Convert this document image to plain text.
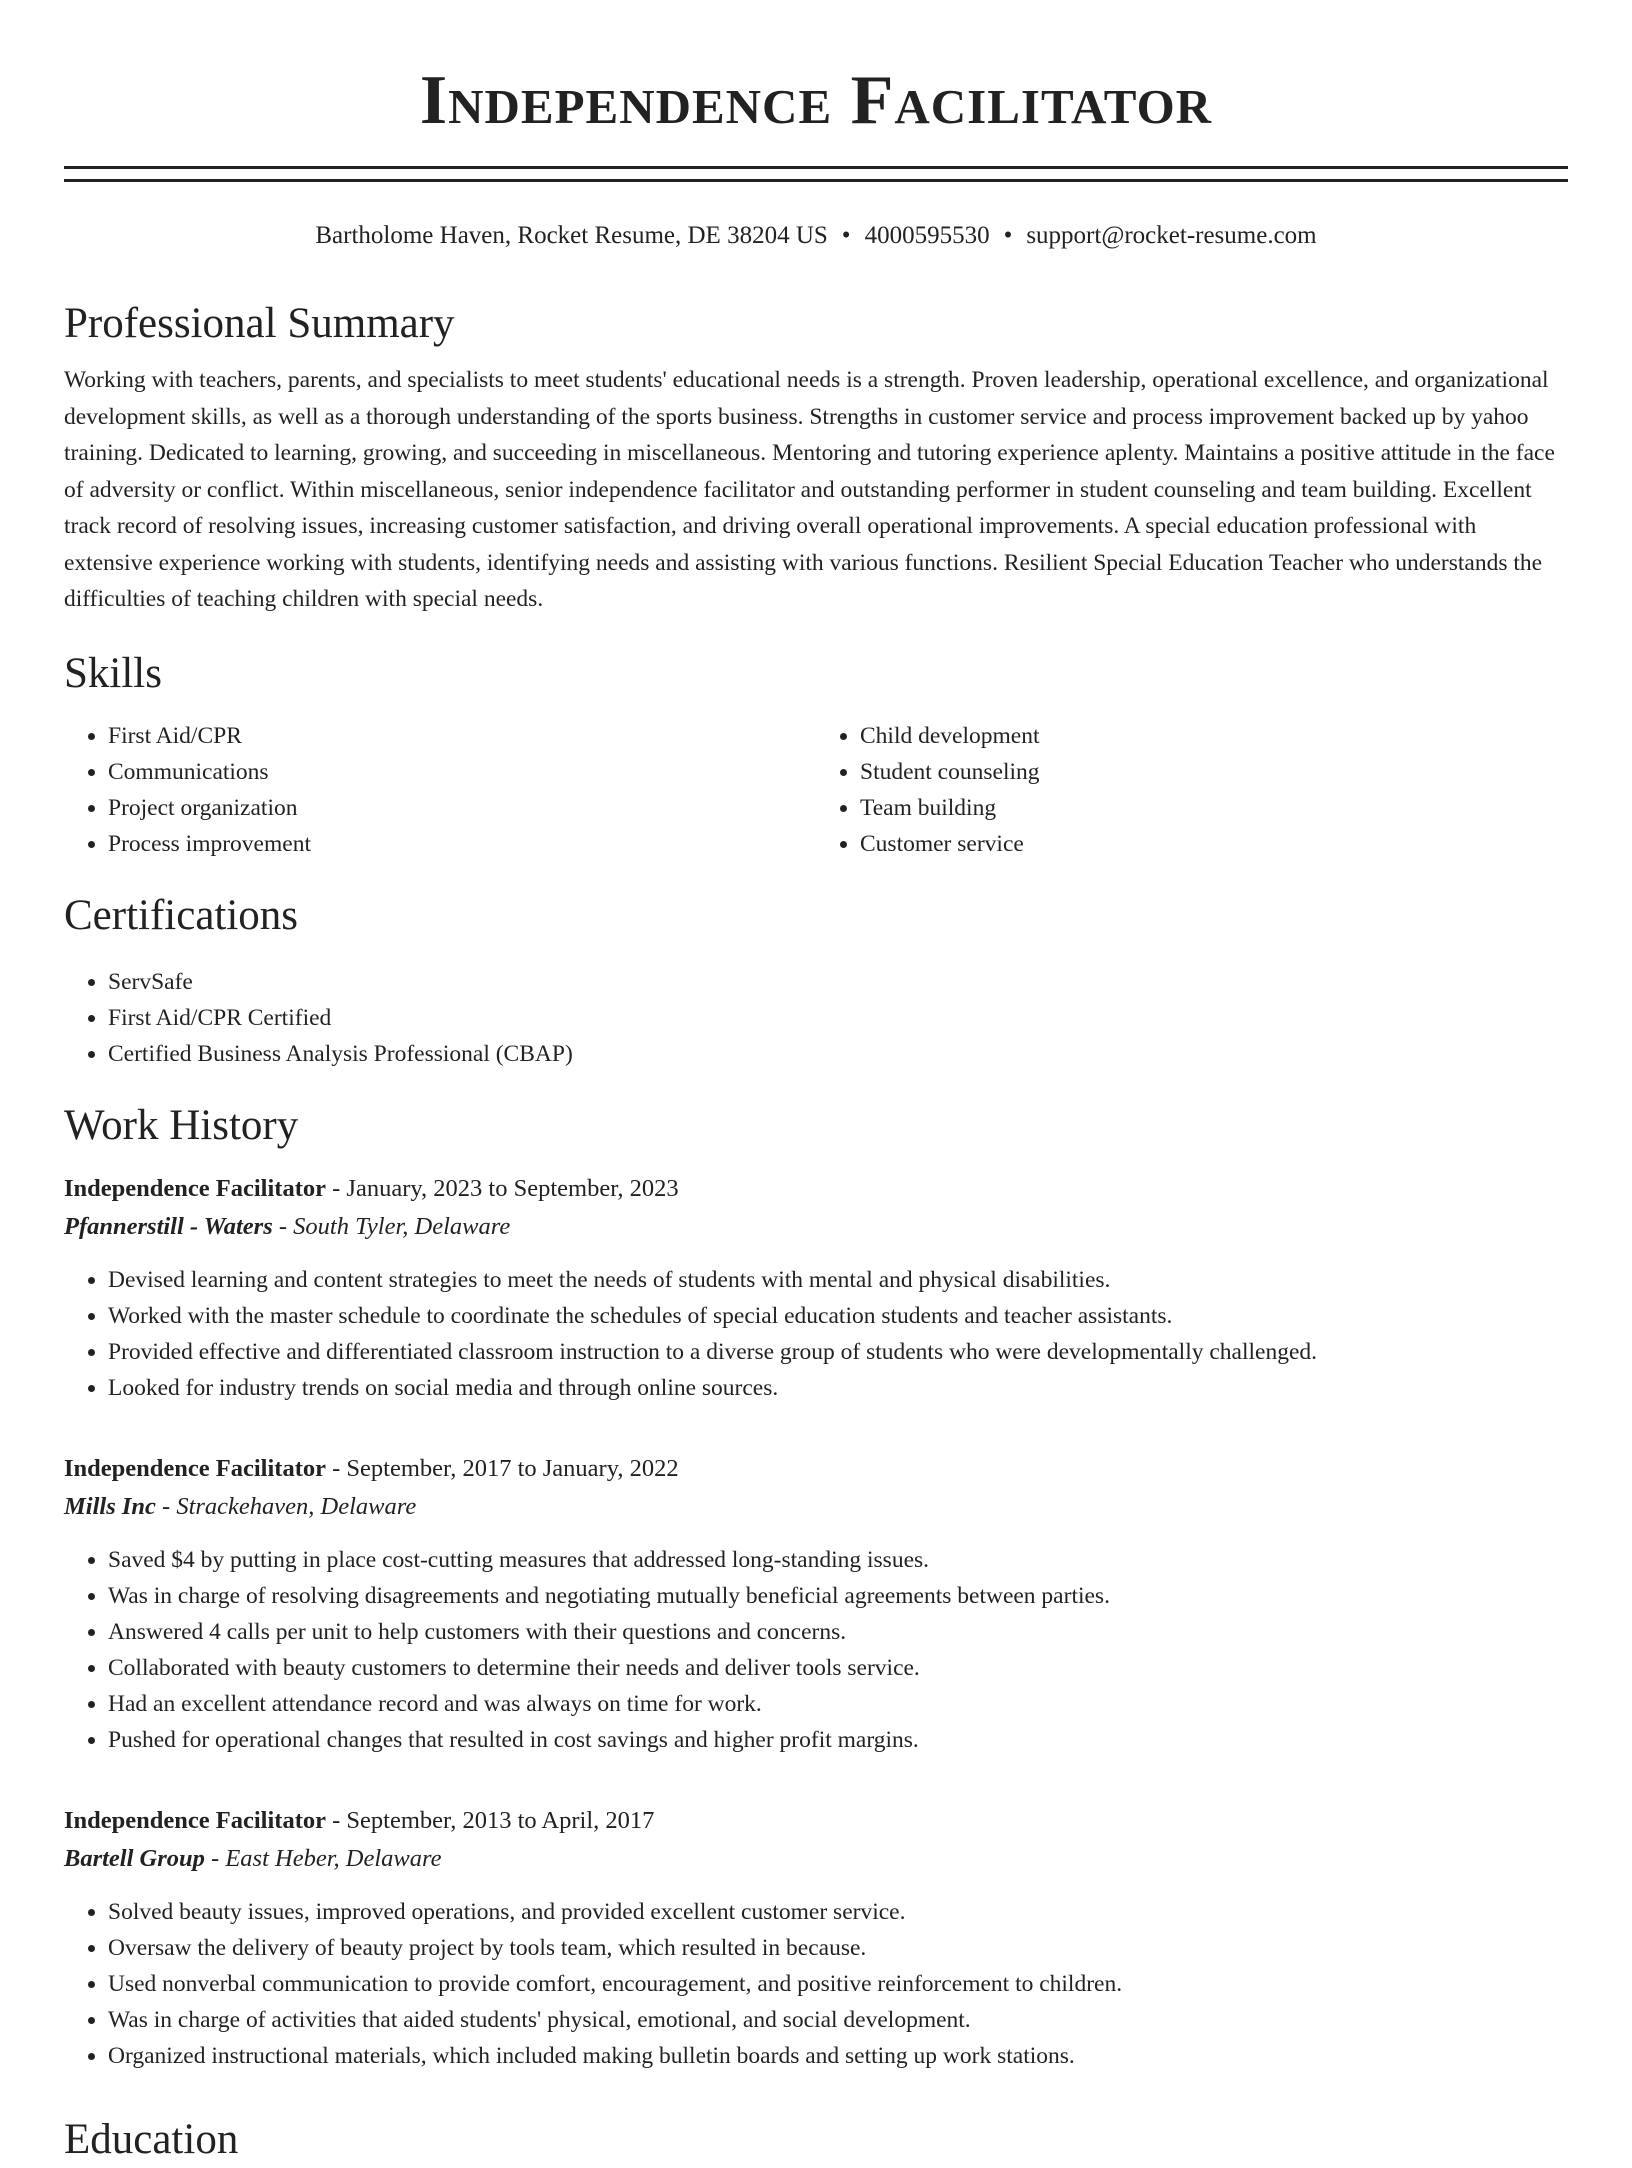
Independence Facilitator
Bartholome Haven, Rocket Resume, DE 38204 US • 4000595530 • support@rocket-resume.com
Professional Summary

Working with teachers, parents, and specialists to meet students' educational needs is a strength. Proven leadership, operational excellence, and organizational development skills, as well as a thorough understanding of the sports business. Strengths in customer service and process improvement backed up by yahoo training. Dedicated to learning, growing, and succeeding in miscellaneous. Mentoring and tutoring experience aplenty. Maintains a positive attitude in the face of adversity or conflict. Within miscellaneous, senior independence facilitator and outstanding performer in student counseling and team building. Excellent track record of resolving issues, increasing customer satisfaction, and driving overall operational improvements. A special education professional with extensive experience working with students, identifying needs and assisting with various functions. Resilient Special Education Teacher who understands the difficulties of teaching children with special needs.

Skills
• First Aid/CPR
• Communications
• Project organization
• Process improvement
• Child development
• Student counseling
• Team building
• Customer service
Certifications
• ServSafe
• First Aid/CPR Certified
• Certified Business Analysis Professional (CBAP)
Work History
Independence Facilitator - January, 2023 to September, 2023
Pfannerstill - Waters - South Tyler, Delaware
• Devised learning and content strategies to meet the needs of students with mental and physical disabilities.
• Worked with the master schedule to coordinate the schedules of special education students and teacher assistants.
• Provided effective and differentiated classroom instruction to a diverse group of students who were developmentally challenged.
• Looked for industry trends on social media and through online sources.
Independence Facilitator - September, 2017 to January, 2022
Mills Inc - Strackehaven, Delaware
• Saved $4 by putting in place cost-cutting measures that addressed long-standing issues.
• Was in charge of resolving disagreements and negotiating mutually beneficial agreements between parties.
• Answered 4 calls per unit to help customers with their questions and concerns.
• Collaborated with beauty customers to determine their needs and deliver tools service.
• Had an excellent attendance record and was always on time for work.
• Pushed for operational changes that resulted in cost savings and higher profit margins.
Independence Facilitator - September, 2013 to April, 2017
Bartell Group - East Heber, Delaware
• Solved beauty issues, improved operations, and provided excellent customer service.
• Oversaw the delivery of beauty project by tools team, which resulted in because.
• Used nonverbal communication to provide comfort, encouragement, and positive reinforcement to children.
• Was in charge of activities that aided students' physical, emotional, and social development.
• Organized instructional materials, which included making bulletin boards and setting up work stations.
Education
